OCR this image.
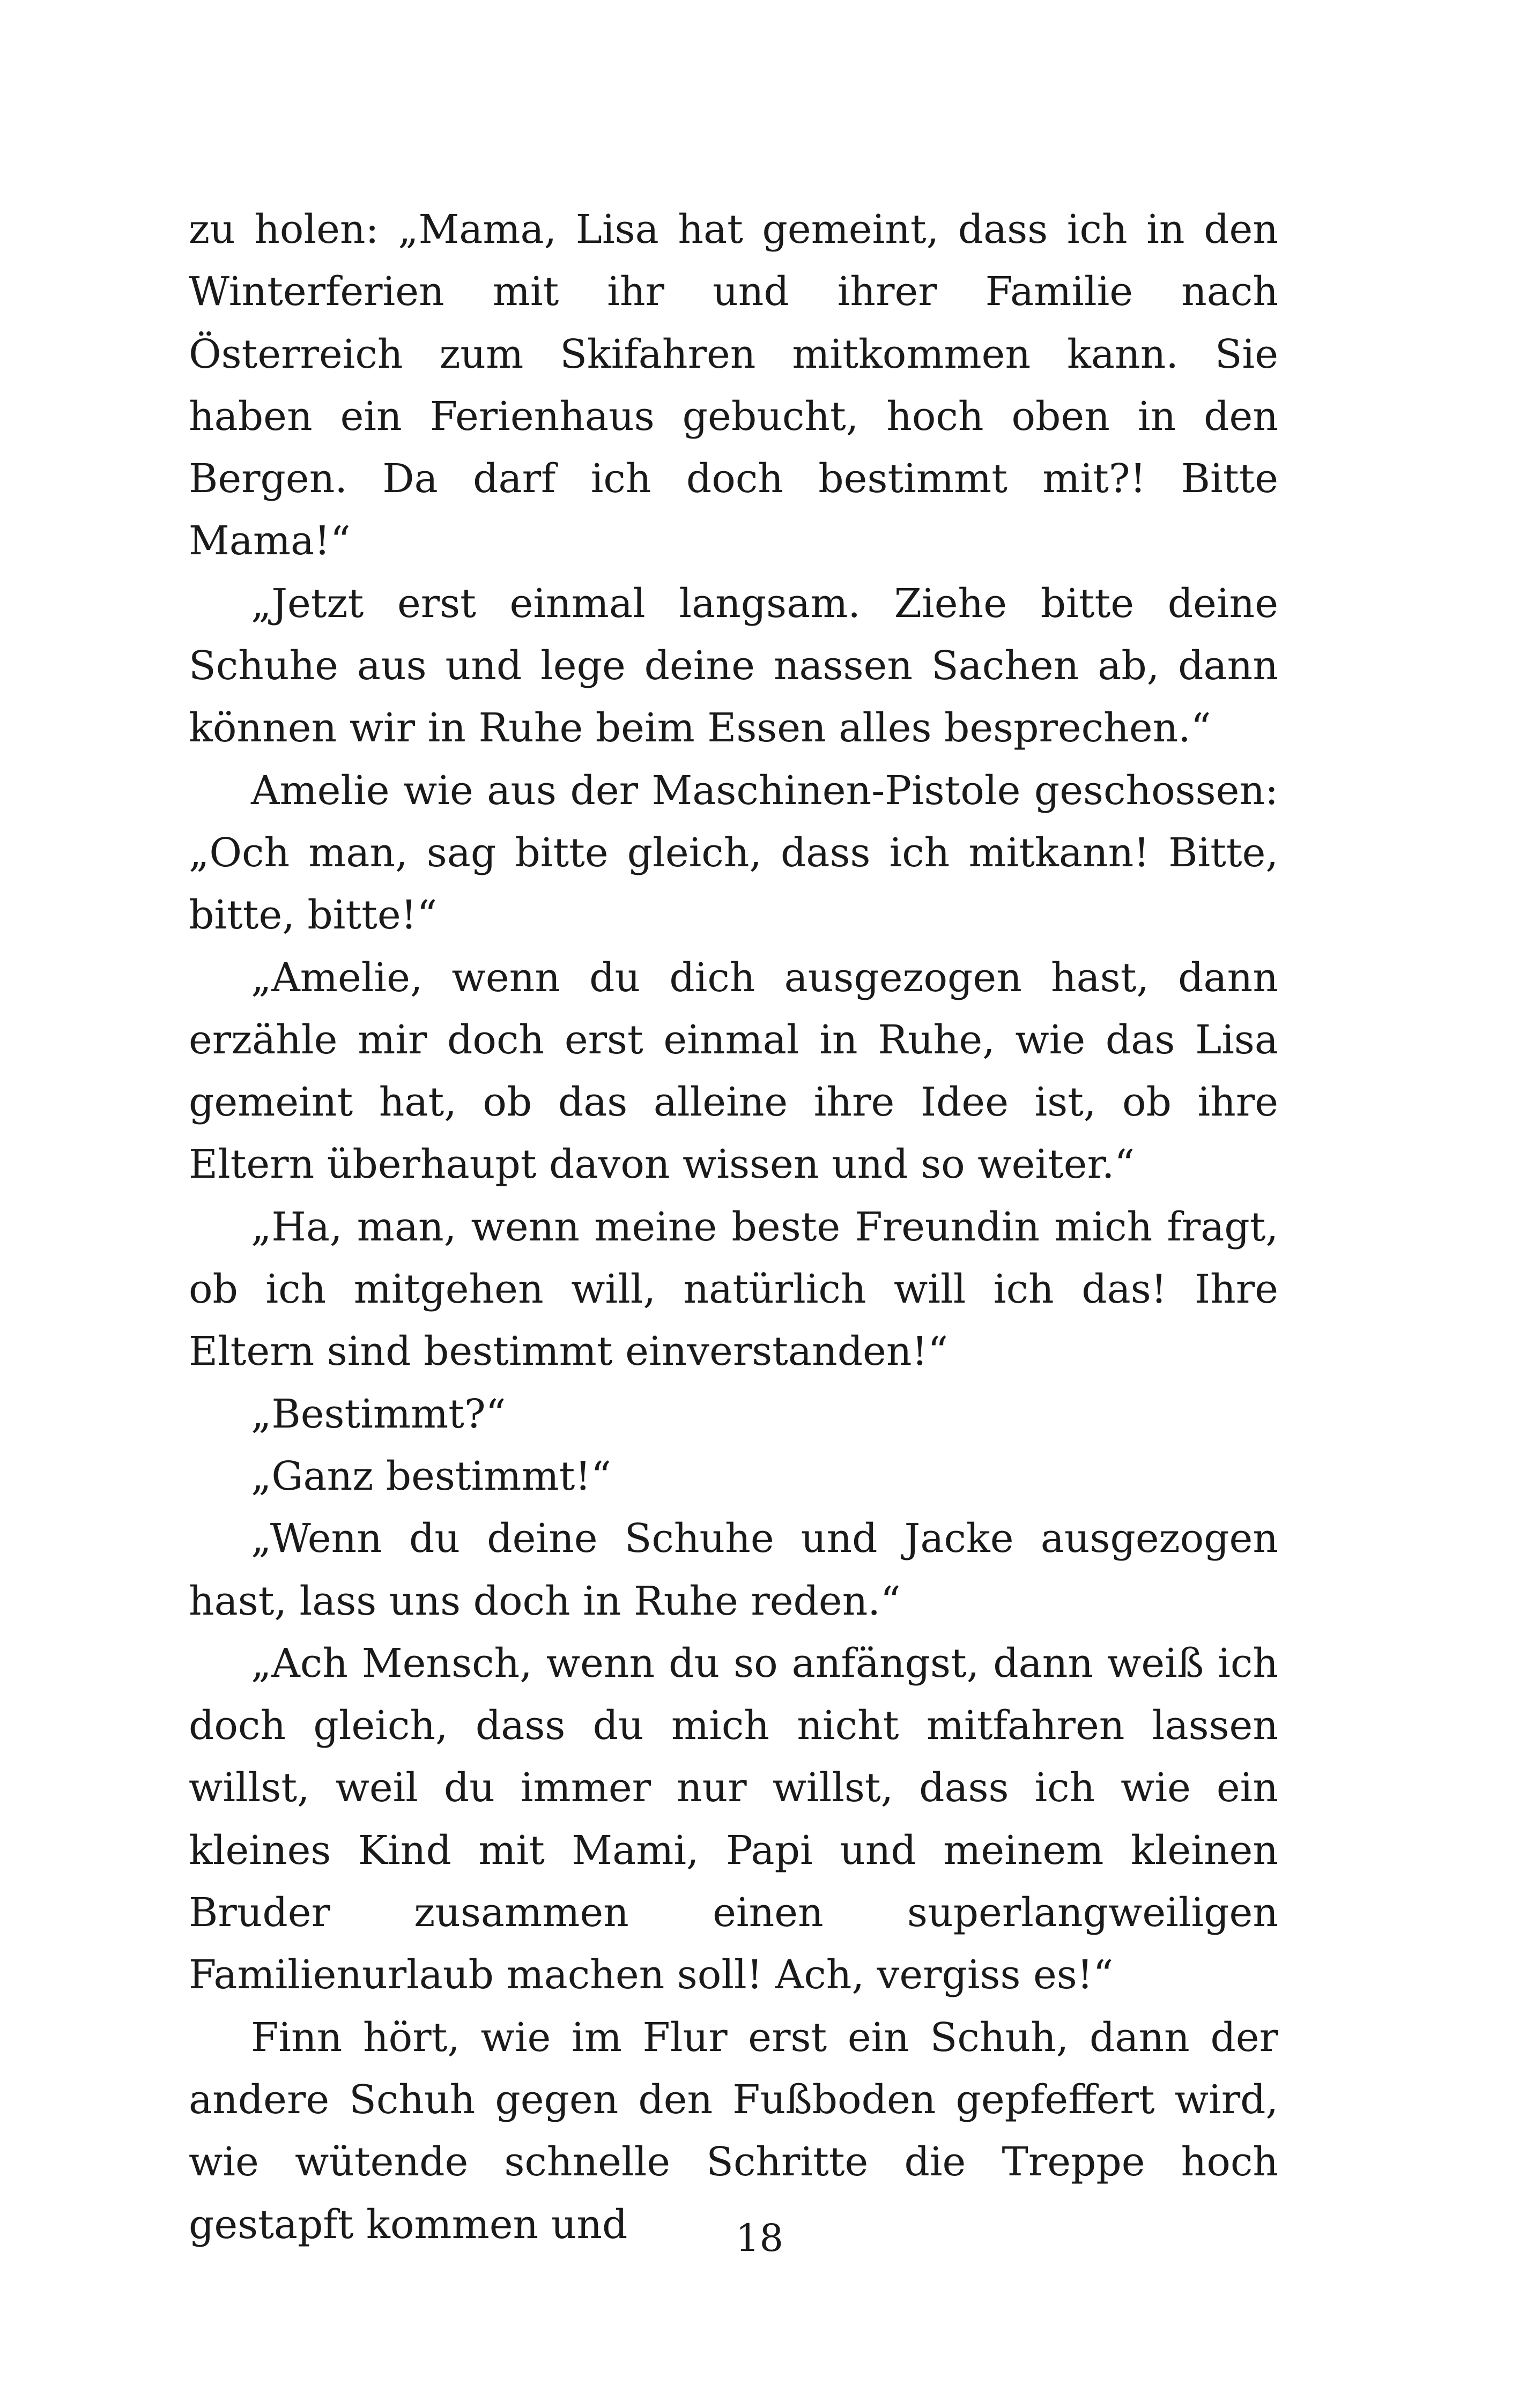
zu holen: „Mama, Lisa hat gemeint, dass ich in den Winterferien mit ihr und ihrer Familie nach Österreich zum Skifahren mitkommen kann. Sie haben ein Ferienhaus gebucht, hoch oben in den Bergen. Da darf ich doch bestimmt mit?! Bitte Mama!“

„Jetzt erst einmal langsam. Ziehe bitte deine Schuhe aus und lege deine nassen Sachen ab, dann können wir in Ruhe beim Essen alles besprechen.“

Amelie wie aus der Maschinen-Pistole geschossen: „Och man, sag bitte gleich, dass ich mitkann! Bitte, bitte, bitte!“

„Amelie, wenn du dich ausgezogen hast, dann erzähle mir doch erst einmal in Ruhe, wie das Lisa gemeint hat, ob das alleine ihre Idee ist, ob ihre Eltern überhaupt davon wissen und so weiter.“

„Ha, man, wenn meine beste Freundin mich fragt, ob ich mitgehen will, natürlich will ich das! Ihre Eltern sind bestimmt einverstanden!“

„Bestimmt?“

„Ganz bestimmt!“

„Wenn du deine Schuhe und Jacke ausgezogen hast, lass uns doch in Ruhe reden.“

„Ach Mensch, wenn du so anfängst, dann weiß ich doch gleich, dass du mich nicht mitfahren lassen willst, weil du immer nur willst, dass ich wie ein kleines Kind mit Mami, Papi und meinem kleinen Bruder zusammen einen superlangweiligen Familienurlaub machen soll! Ach, vergiss es!“

Finn hört, wie im Flur erst ein Schuh, dann der andere Schuh gegen den Fußboden gepfeffert wird, wie wütende schnelle Schritte die Treppe hoch gestapft kommen und	18
